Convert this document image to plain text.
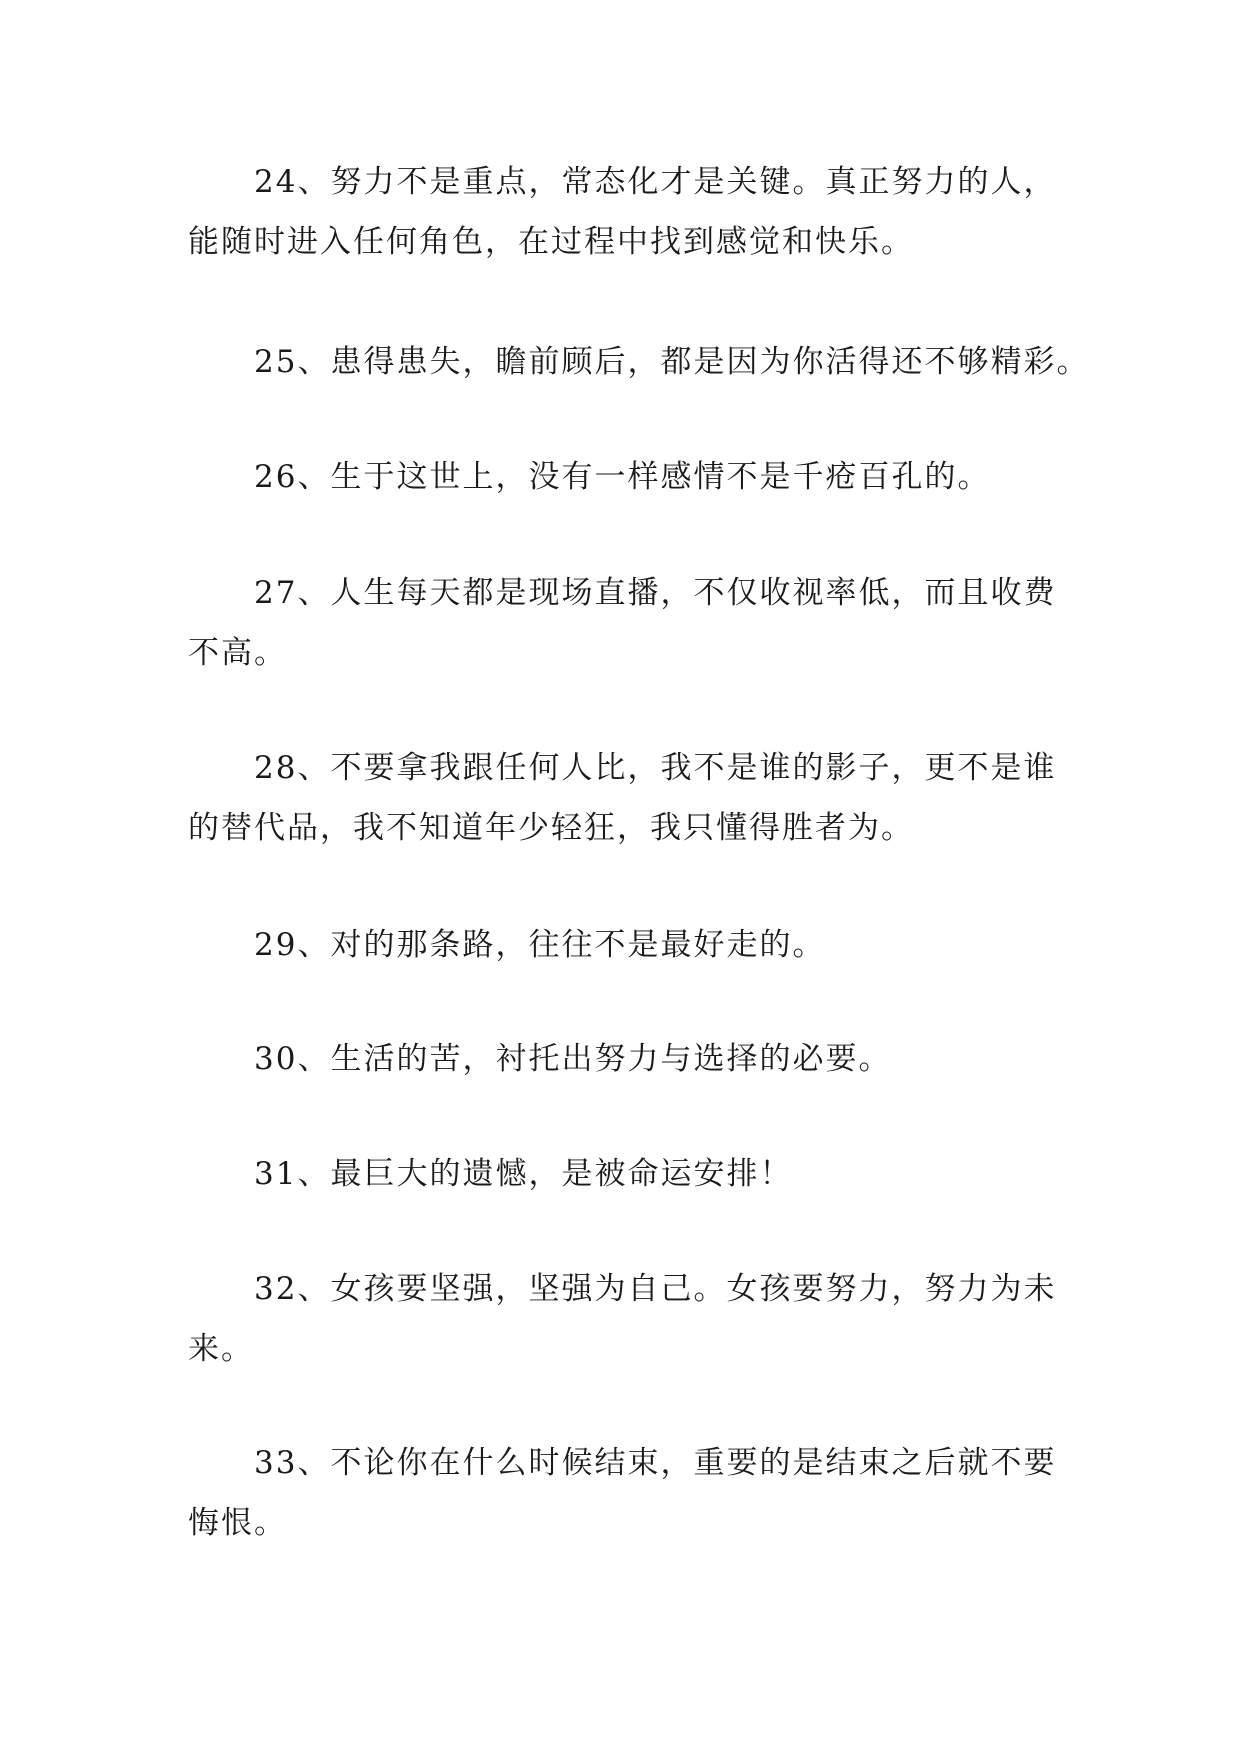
24、努力不是重点，常态化才是关键。真正努力的人，
能随时进入任何角色，在过程中找到感觉和快乐。
25、患得患失，瞻前顾后，都是因为你活得还不够精彩。
26、生于这世上，没有一样感情不是千疮百孔的。
27、人生每天都是现场直播，不仅收视率低，而且收费
不高。
28、不要拿我跟任何人比，我不是谁的影子，更不是谁
的替代品，我不知道年少轻狂，我只懂得胜者为。
29、对的那条路，往往不是最好走的。
30、生活的苦，衬托出努力与选择的必要。
31、最巨大的遗憾，是被命运安排！
32、女孩要坚强，坚强为自己。女孩要努力，努力为未
来。
33、不论你在什么时候结束，重要的是结束之后就不要
悔恨。
